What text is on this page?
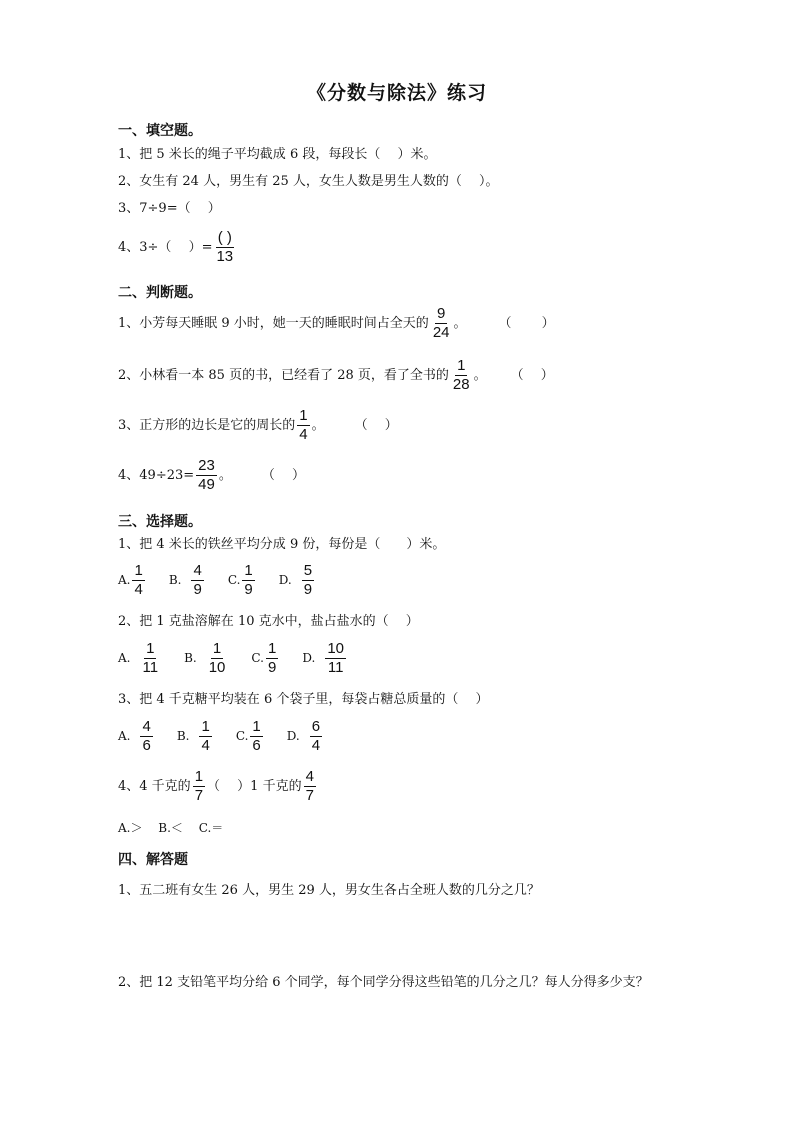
《分数与除法》练习
一、填空题。
1、把 5 米长的绳子平均截成 6 段，每段长（　 ）米。
2、女生有 24 人，男生有 25 人，女生人数是男生人数的（　 ）。
3、7÷9=（　 ）
4、3÷（　 ）= $\frac{( )}{13}$
二、判断题。
1、小芳每天睡眠 9 小时，她一天的睡眠时间占全天的 $\frac{9}{24}$ 。 （　　 ）
2、小林看一本 85 页的书，已经看了 28 页，看了全书的 $\frac{1}{28}$ 。 （　 ）
3、正方形的边长是它的周长的 $\frac{1}{4}$ 。 （　 ）
4、$49\div 23= \frac{23}{49}$ 。 （　 ）
三、选择题。
1、把 4 米长的铁丝平均分成 9 份，每份是（　　）米。
A. $\frac{1}{4} B$. $\frac{4}{9} C$. $\frac{1}{9} D$. $\frac{5}{9}$
2、把 1 克盐溶解在 10 克水中，盐占盐水的（　 ）
A. $\frac{1}{11} B$. $\frac{1}{10} C$. $\frac{1}{9} D$. $\frac{10}{11}$
3、把 4 千克糖平均装在 6 个袋子里，每袋占糖总质量的（　 ）
A. $\frac{4}{6} B$. $\frac{1}{4} C$. $\frac{1}{6} D$. $\frac{6}{4}$
4、4 千克的 $\frac{1}{7}$ （　 ）1 千克的 $\frac{4}{7}$
A.＞　 B.＜　 C.＝
四、解答题
1、五二班有女生 26 人，男生 29 人，男女生各占全班人数的几分之几？
2、把 12 支铅笔平均分给 6 个同学，每个同学分得这些铅笔的几分之几？每人分得多少支？
